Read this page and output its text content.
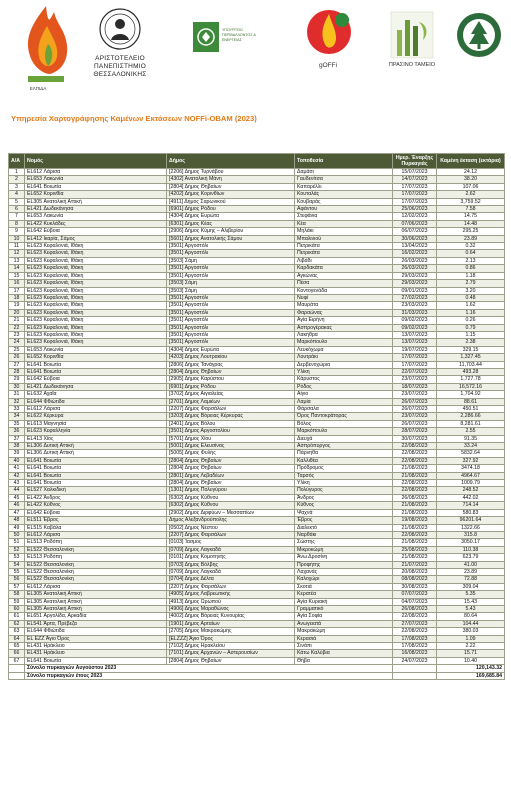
ΕΛΠΙΔΑ
ΑΡΙΣΤΟΤΕΛΕΙΟ
ΠΑΝΕΠΙΣΤΗΜΙΟ
ΘΕΣΣΑΛΟΝΙΚΗΣ
ΥΠΟΥΡΓΕΙΟ ΠΕΡΙΒΑΛΛΟΝΤΟΣ & ΕΝΕΡΓΕΙΑΣ
gOFFi	ΠΡΑΣΙΝΟ ΤΑΜΕΙΟ
Υπηρεσία Χαρτογράφησης Καμένων Εκτάσεων NOFFi-OBAM (2023)
Α/Α	Νομός	Δήμος	Τοποθεσία	Ημερ. Έναρξης Πυρκαγιάς	Καμένη έκταση (εκτάρια)
1	EL612 Λάρισα	[2206] Δήμος Τυρνάβου	Δαμάσι	15/07/2023	24.12
2	EL653 Λακωνία	[4302] Ανατολική Μάνη	Γαυδενίτσα	14/07/2023	38.20
3	EL641 Βοιωτία	[2804] Δήμος Θηβαίων	Καπαρέλλι	17/07/2023	107.06
4	EL652 Κορινθία	[4202] Δήμος Κορινθίων	Κουταλάς	17/07/2023	2.62
5	EL305 Ανατολική Αττική	[4911] Δήμος Σαρωνικού	Κουβαράς	17/07/2023	3,759.52
6	EL421 Δωδεκάνησα	[6901] Δήμος Ρόδου	Αφάντου	25/06/2023	7.58
7	EL653 Λακωνία	[4304] Δήμος Ευρώτα	Στεφάνια	12/02/2023	14.75
8	EL422 Κυκλάδες	[6301] Δήμος Κέας	Κέα	07/06/2023	14.48
9	EL642 Εύβοια	[2906] Δήμος Κύμης – Αλιβερίου	Μηλάκι	06/07/2023	295.25
10	EL412 Ικαρία, Σάμος	[5601] Δήμος Ανατολικής Σάμου	Μπαλινιού	30/06/2023	23.89
11	EL623 Κεφαλονιά, Ιθάκη	[3501] Αργοστόλι	Πετρικάτα	13/04/2023	0.32
12	EL623 Κεφαλονιά, Ιθάκη	[3501] Αργοστόλι	Πετρικάτα	16/02/2023	0.64
13	EL623 Κεφαλονιά, Ιθάκη	[3503] Σάμη	Λιβάδι	26/03/2023	2.13
14	EL623 Κεφαλονιά, Ιθάκη	[3501] Αργοστόλι	Καρδακάτα	26/03/2023	0.86
15	EL623 Κεφαλονιά, Ιθάκη	[3501] Αργοστόλι	Αγκώνας	29/03/2023	1.18
16	EL623 Κεφαλονιά, Ιθάκη	[3503] Σάμη	Πέσα	29/03/2023	2.79
17	EL623 Κεφαλονιά, Ιθάκη	[3503] Σάμη	Κοντογενάδα	09/01/2023	3.20
18	EL623 Κεφαλονιά, Ιθάκη	[3501] Αργοστόλι	Νυφί	27/02/2023	0.48
19	EL623 Κεφαλονιά, Ιθάκη	[3501] Αργοστόλι	Μαυράτα	23/03/2023	1.62
20	EL623 Κεφαλονιά, Ιθάκη	[3501] Αργοστόλι	Φαραώνας	31/03/2023	1.16
21	EL623 Κεφαλονιά, Ιθάκη	[3501] Αργοστόλι	Αγία Ειρήνη	09/02/2023	0.26
22	EL623 Κεφαλονιά, Ιθάκη	[3501] Αργοστόλι	Ασπρογέρακας	09/02/2023	0.79
23	EL623 Κεφαλονιά, Ιθάκη	[3501] Αργοστόλι	Λακήθρα	13/07/2023	1.15
24	EL623 Κεφαλονιά, Ιθάκη	[3501] Αργοστόλι	Μαρκόπουλο	13/07/2023	2.38
25	EL653 Λακωνία	[4304] Δήμος Ευρώτα	Λευκόχωμα	19/07/2023	329.15
26	EL652 Κορινθία	[4203] Δήμος Λουτρακίου	Λουτράκι	17/07/2023	1,327.45
27	EL641 Βοιωτία	[2806] Δήμος Τανάγρας	Δερβενοχώρια	17/07/2023	11,703.44
28	EL641 Βοιωτία	[2804] Δήμος Θηβαίων	Υλίκη	22/07/2023	493.28
29	EL642 Εύβοια	[2905] Δήμος Καρύστου	Κάρυστος	23/07/2023	1,727.78
30	EL421 Δωδεκάνησα	[6901] Δήμος Ρόδου	Ρόδος	18/07/2023	16,572.16
31	EL632 Αχαΐα	[3702] Δήμος Αιγιαλείας	Αίγιο	23/07/2023	1,704.92
32	EL644 Φθιώτιδα	[2701] Δήμος Λαμιέων	Λαμία	26/07/2023	88.61
33	EL612 Λάρισα	[2207] Δήμος Φαρσάλων	Φάρσαλα	26/07/2023	450.51
34	EL622 Κέρκυρα	[3203] Δήμος Βόρειας Κέρκυρας	Όρος Παντοκράτορας	23/07/2023	2,286.66
35	EL613 Μαγνησία	[2401] Δήμος Βόλου	Βόλος	26/07/2023	8,281.61
36	EL623 Κεφαλληνία	[3501] Δήμος Αργοστολίου	Μαρκόπουλο	28/07/2023	2.55
37	EL413 Χίος	[5701] Δήμος Χίου	Διευχά	30/07/2023	91.35
38	EL306 Δυτική Αττική	[5001] Δήμος Ελευσίνας	Ασπρόπυργος	22/08/2023	33.24
39	EL306 Δυτική Αττική	[5005] Δήμος Φυλής	Πάρνηθα	22/08/2023	5832.64
40	EL641 Βοιωτία	[2804] Δήμος Θηβαίων	Καλλιθέα	22/08/2023	327.92
41	EL641 Βοιωτία	[2804] Δήμος Θηβαίων	Πρόδρομος	21/08/2023	3474.18
42	EL641 Βοιωτία	[2801] Δήμος Λεβαδέων	Ταρσός	21/08/2023	4964.67
43	EL641 Βοιωτία	[2804] Δήμος Θηβαίων	Υλίκη	22/08/2023	1009.79
44	EL527 Χαλκιδική	[1301] Δήμος Πολυγύρου	Πολύγυρος	22/08/2023	248.52
45	EL422 Άνδρος	[6302] Δήμος Κύθνου	Άνδρος	26/08/2023	442.02
46	EL422 Κύθνος	[6302] Δήμος Κύθνου	Κύθνος	21/08/2023	714.14
47	EL642 Εύβοια	[2902] Δήμος Διρφύων – Μεσσαπίων	Ψαχνά	21/08/2023	580.83
48	EL511 Έβρος	Δήμος Αλεξανδρούπολης	Έβρος	19/08/2023	96201.64
49	EL515 Καβάλα	[0502] Δήμος Νέστου	Διαλεκτό	21/08/2023	1322.66
50	EL612 Λάρισα	[2207] Δήμος Φαρσάλων	Ναρθάκι	22/08/2023	315.8
51	EL513 Ροδόπη	[0103] Ίασμος	Σώστης	21/08/2023	3050.17
52	EL522 Θεσσαλονίκη	[0709] Δήμος Λαγκαδά	Μικροκώμη	25/08/2023	110.38
53	EL513 Ροδόπη	[0101] Δήμος Κομοτηνής	Άνω Δροσίνη	21/08/2023	623.79
54	EL522 Θεσσαλονίκη	[0703] Δήμος Βόλβης	Προφήτης	21/07/2023	41.00
55	EL522 Θεσσαλονίκη	[0709] Δήμος Λαγκαδά	Λαχανάς	20/08/2023	23.89
56	EL522 Θεσσαλονίκη	[0704] Δήμος Δέλτα	Καλοχώρι	08/08/2023	72.88
57	EL612 Λάρισα	[2207] Δήμος Φαρσάλων	Σκοτιά	30/08/2023	309.04
58	EL305 Ανατολική Αττική	[4905] Δήμος Λαβρεωτικής	Κερατέα	07/07/2023	5.35
59	EL305 Ανατολική Αττική	[4913] Δήμος Ωρωπού	Αγία Κυριακή	04/07/2023	15.43
60	EL305 Ανατολική Αττική	[4906] Δήμος Μαραθώνος	Γραμματικό	26/08/2023	5.43
61	EL651 Αργολίδα, Αρκαδία	[4002] Δήμος Βόρειας Κυνουρίας	Αγία Σοφία	22/08/2023	80.64
62	EL541 Άρτα, Πρέβεζα	[1901] Δήμος Αρταίων	Ανωγειατά	27/07/2023	104.44
63	EL644 Φθιώτιδα	[2705] Δήμος Μακρακώμης	Μακρακώμη	22/08/2023	380.03
64	EL EZZ Άγιο Όρος	[ELZZZ] Άγιο Όρος	Κερασιά	17/08/2023	1.09
65	EL431 Ηράκλειο	[7102] Δήμος Ηρακλείου	Σινάπι	17/08/2023	2.22
66	EL431 Ηράκλειο	[7101] Δήμος Αρχανών – Αστερουσίων	Κάτω Καλύβια	16/08/2023	15.71
67	EL641 Βοιωτία	[2804] Δήμος Θηβαίων	Θήβα	24/07/2023	10.40
	Σύνολο πυρκαγιών Αυγούστου 2023				120,143.32
	Σύνολο πυρκαγιών έτους 2023				169,685.84
